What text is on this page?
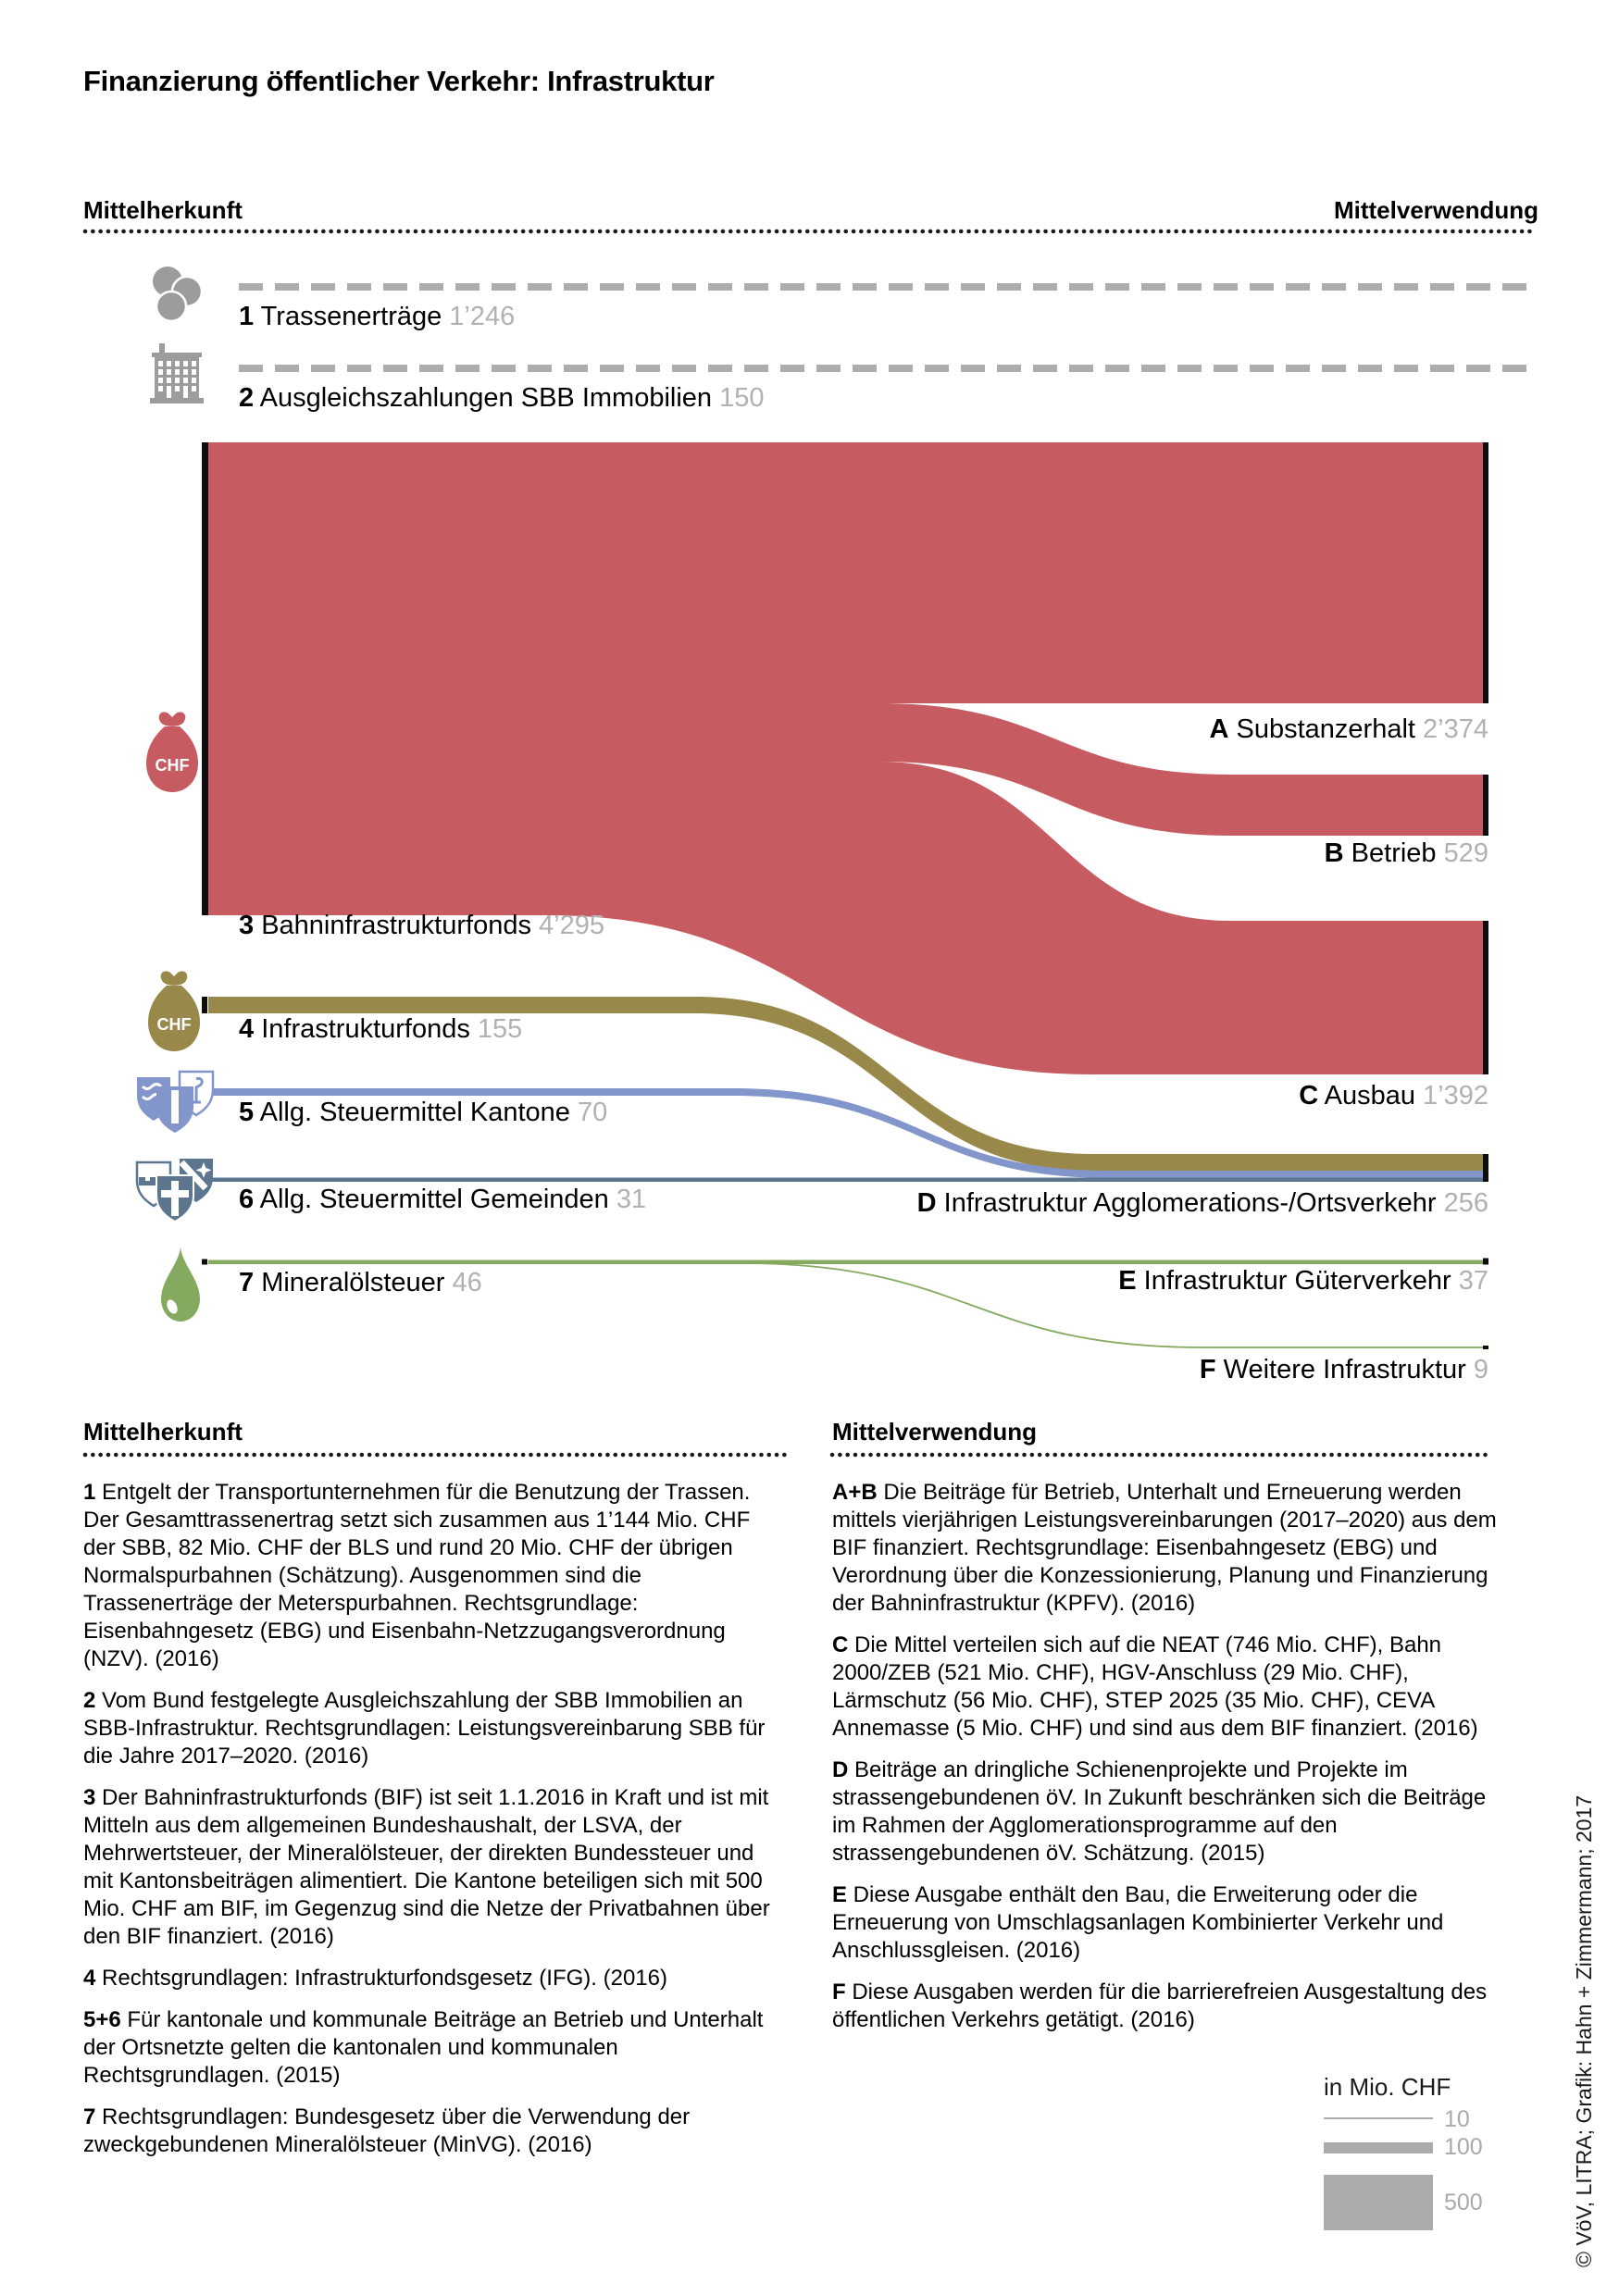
Finanzierung öffentlicher Verkehr: Infrastruktur
Mittelherkunft	Mittelverwendung
CHF
CHF
1 Trassenerträge 1’246
2 Ausgleichszahlungen SBB Immobilien 150
3 Bahninfrastrukturfonds 4’295
4 Infrastrukturfonds 155
5 Allg. Steuermittel Kantone 70
6 Allg. Steuermittel Gemeinden 31
7 Mineralölsteuer 46
A Substanzerhalt 2’374
B Betrieb 529
C Ausbau 1’392
D Infrastruktur Agglomerations-/Ortsverkehr 256
E Infrastruktur Güterverkehr 37
F Weitere Infrastruktur 9
Mittelherkunft	Mittelverwendung

1 Entgelt der Transportunternehmen für die Benutzung der Trassen. Der Gesamttrassenertrag setzt sich zusammen aus 1’144 Mio. CHF der SBB, 82 Mio. CHF der BLS und rund 20 Mio. CHF der übrigen Normalspurbahnen (Schätzung). Ausgenommen sind die Trassenerträge der Meterspurbahnen. Rechtsgrundlage: Eisenbahngesetz (EBG) und Eisenbahn-Netzzugangsverordnung (NZV). (2016)

2 Vom Bund festgelegte Ausgleichszahlung der SBB Immobilien an SBB-Infrastruktur. Rechtsgrundlagen: Leistungsvereinbarung SBB für die Jahre 2017–2020. (2016)

3 Der Bahninfrastrukturfonds (BIF) ist seit 1.1.2016 in Kraft und ist mit Mitteln aus dem allgemeinen Bundeshaushalt, der LSVA, der Mehrwertsteuer, der Mineralölsteuer, der direkten Bundessteuer und mit Kantonsbeiträgen alimentiert. Die Kantone beteiligen sich mit 500 Mio. CHF am BIF, im Gegenzug sind die Netze der Privatbahnen über den BIF finanziert. (2016)

4 Rechtsgrundlagen: Infrastrukturfondsgesetz (IFG). (2016)

5+6 Für kantonale und kommunale Beiträge an Betrieb und Unterhalt der Ortsnetzte gelten die kantonalen und kommunalen Rechtsgrundlagen. (2015)

7 Rechtsgrundlagen: Bundesgesetz über die Verwendung der zweckgebundenen Mineralölsteuer (MinVG). (2016)

A+B Die Beiträge für Betrieb, Unterhalt und Erneuerung werden mittels vierjährigen Leistungsvereinbarungen (2017–2020) aus dem BIF finanziert. Rechtsgrundlage: Eisenbahngesetz (EBG) und Verordnung über die Konzessionierung, Planung und Finanzierung der Bahninfrastruktur (KPFV). (2016)

C Die Mittel verteilen sich auf die NEAT (746 Mio. CHF), Bahn 2000/ZEB (521 Mio. CHF), HGV-Anschluss (29 Mio. CHF), Lärmschutz (56 Mio. CHF), STEP 2025 (35 Mio. CHF), CEVA Annemasse (5 Mio. CHF) und sind aus dem BIF finanziert. (2016)

D Beiträge an dringliche Schienenprojekte und Projekte im strassengebundenen öV. In Zukunft beschränken sich die Beiträge im Rahmen der Agglomerationsprogramme auf den strassengebundenen öV. Schätzung. (2015)

E Diese Ausgabe enthält den Bau, die Erweiterung oder die Erneuerung von Umschlagsanlagen Kombinierter Verkehr und Anschlussgleisen. (2016)

F Diese Ausgaben werden für die barrierefreien Ausgestaltung des öffentlichen Verkehrs getätigt. (2016)

in Mio. CHF
10
100
500	© VöV, LITRA; Grafik: Hahn + Zimmermann; 2017
